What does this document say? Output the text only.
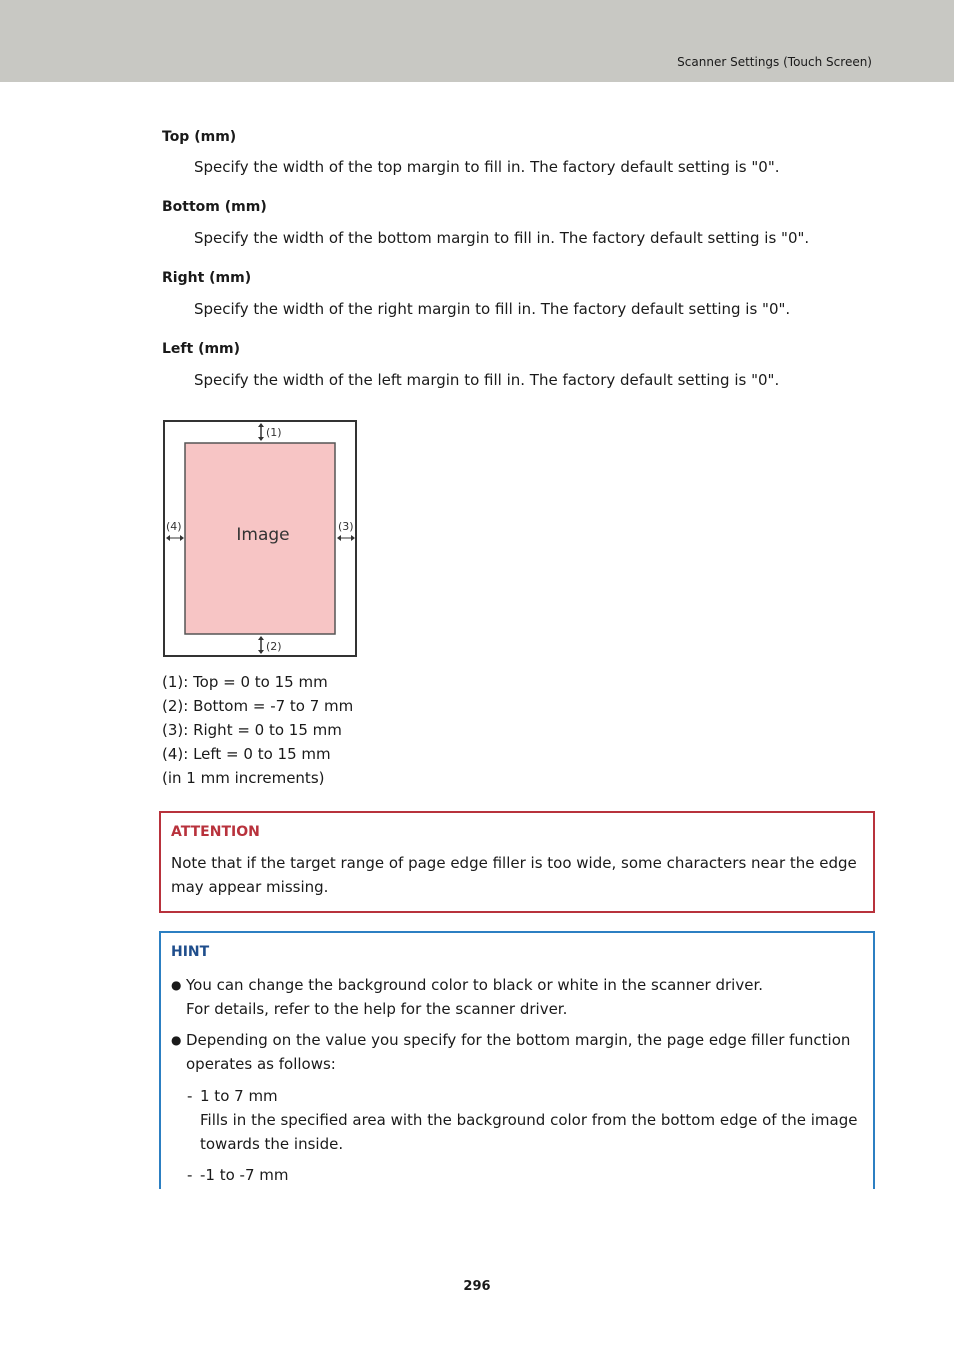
Scanner Settings (Touch Screen)
Top (mm)
Specify the width of the top margin to fill in. The factory default setting is "0".
Bottom (mm)
Specify the width of the bottom margin to fill in. The factory default setting is "0".
Right (mm)
Specify the width of the right margin to fill in. The factory default setting is "0".
Left (mm)
Specify the width of the left margin to fill in. The factory default setting is "0".
Image
(1)
(2)
(4)	(3)
(1): Top = 0 to 15 mm
(2): Bottom = -7 to 7 mm
(3): Right = 0 to 15 mm
(4): Left = 0 to 15 mm
(in 1 mm increments)
ATTENTION
Note that if the target range of page edge filler is too wide, some characters near the edge may appear missing.
HINT
● You can change the background color to black or white in the scanner driver.
For details, refer to the help for the scanner driver.
● Depending on the value you specify for the bottom margin, the page edge filler function operates as follows:
- 1 to 7 mm
Fills in the specified area with the background color from the bottom edge of the image towards the inside.
- -1 to -7 mm
296
